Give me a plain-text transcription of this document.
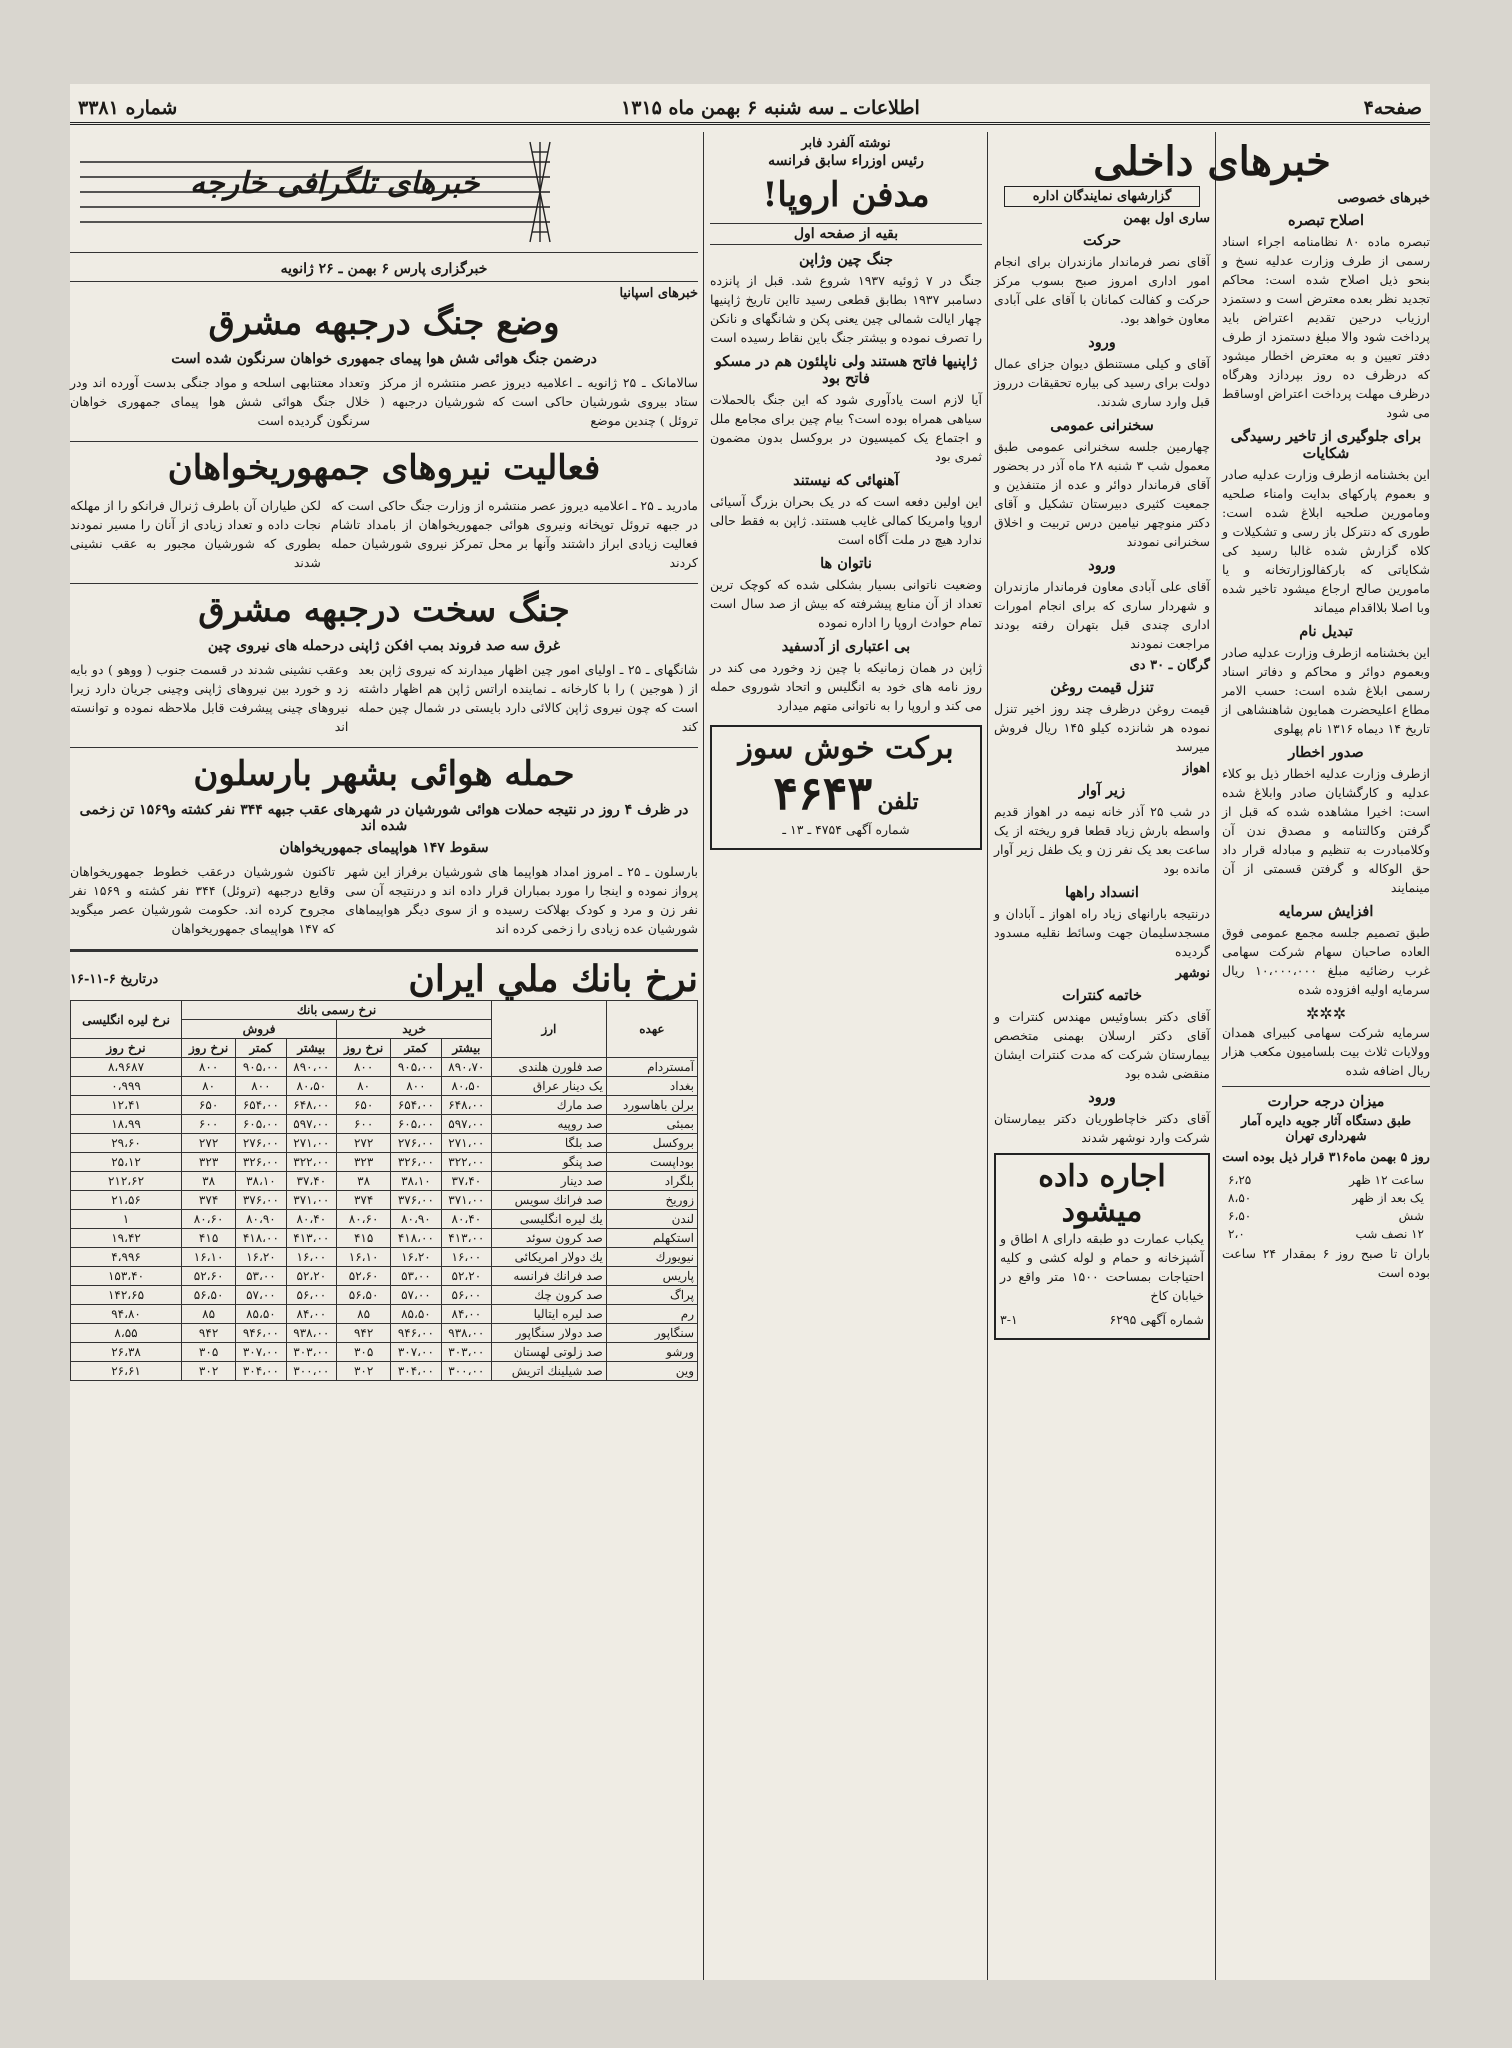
صفحه۴
اطلاعات ـ سه شنبه ۶ بهمن ماه ۱۳۱۵
شماره ۳۳۸۱
خبرهای داخلی
خبرهای خصوصی
اصلاح تبصره

تبصره ماده ۸۰ نظامنامه اجراء اسناد رسمی از طرف وزارت عدلیه نسخ و بنحو ذیل اصلاح شده است: محاکم تجدید نظر بعده معترض است و دستمزد ارزیاب درحین تقدیم اعتراض باید پرداخت شود والا مبلغ دستمزد از طرف دفتر تعیین و به معترض اخطار میشود که درظرف ده روز بپردازد وهرگاه درظرف مهلت پرداخت اعتراض اوساقط می شود

برای جلوگیری از تاخیر رسیدگی شکایات

این بخشنامه ازطرف وزارت عدلیه صادر و بعموم پارکهای بدایت وامناء صلحیه ومامورین صلحیه ابلاغ شده است: طوری که دنترکل باز رسی و تشکیلات و کلاه گزارش شده غالبا رسید کی شکایاتی که بارکفالوزارتخانه و یا مامورین صالح ارجاع میشود تاخیر شده وبا اصلا بلااقدام میماند

تبدیل نام

این بخشنامه ازطرف وزارت عدلیه صادر وبعموم دوائر و محاکم و دفاتر اسناد رسمی ابلاغ شده است: حسب الامر مطاع اعلیحضرت همایون شاهنشاهی از تاریخ ۱۴ دیماه ۱۳۱۶ نام پهلوی

صدور اخطار

ازطرف وزارت عدلیه اخطار ذیل بو کلاء عدلیه و کارگشایان صادر وابلاغ شده است: اخیرا مشاهده شده که قبل از گرفتن وکالتنامه و مصدق ندن آن وکلامبادرت به تنظیم و مبادله قرار داد حق الوکاله و گرفتن قسمتی از آن مینمایند

افزایش سرمایه

طبق تصمیم جلسه مجمع عمومی فوق العاده صاحبان سهام شرکت سهامی غرب رضائیه مبلغ ۱۰،۰۰۰،۰۰۰ ریال سرمایه اولیه افزوده شده

✲✲✲

سرمایه شرکت سهامی کبیرای همدان وولایات ثلاث بیت بلسامیون مکعب هزار ریال اضافه شده

میزان درجه حرارت
طبق دستگاه آثار جویه دایره آمار شهرداری تهران
روز ۵ بهمن ماه۳۱۶ قرار ذیل بوده است
ساعت ۱۲ ظهر	۶،۲۵
یک بعد از ظهر	۸،۵۰
شش	۶،۵۰
۱۲ نصف شب	۲،۰

باران تا صبح روز ۶ بمقدار ۲۴ ساعت بوده است

گزارشهای نمایندگان اداره
ساری اول بهمن
حرکت

آقای نصر فرماندار مازندران برای انجام امور اداری امروز صبح بسوب مرکز حرکت و کفالت کمانان با آقای علی آبادی معاون خواهد بود.

ورود

آقای و کیلی مستنطق دیوان جزای عمال دولت برای رسید کی بیاره تحقیقات درروز قبل وارد ساری شدند.

سخنرانی عمومی

چهارمین جلسه سخنرانی عمومی طبق معمول شب ۳ شنبه ۲۸ ماه آذر در بحضور آقای فرماندار دوائر و عده از متنفذین و جمعیت کثیری دبیرستان تشکیل و آقای دکتر منوچهر نیامین درس تربیت و اخلاق سخنرانی نمودند

ورود

آقای علی آبادی معاون فرماندار مازندران و شهردار ساری که برای انجام امورات اداری چندی قبل بتهران رفته بودند مراجعت نمودند

گرگان ـ ۳۰ دی
تنزل قیمت روغن

قیمت روغن درظرف چند روز اخیر تنزل نموده هر شانزده کیلو ۱۴۵ ریال فروش میرسد

اهواز
زیر آوار

در شب ۲۵ آذر خانه نیمه در اهواز قدیم واسطه بارش زیاد قطعا فرو ریخته از یک ساعت بعد یک نفر زن و یک طفل زیر آوار مانده بود

انسداد راهها

درنتیجه بارانهای زیاد راه اهواز ـ آبادان و مسجدسلیمان جهت وسائط نقلیه مسدود گردیده

نوشهر
خاتمه کنترات

آقای دکتر بساوئیس مهندس کنترات و آقای دکتر ارسلان بهمنی متخصص بیمارستان شرکت که مدت کنترات ایشان منقضی شده بود

ورود

آقای دکتر خاچاطوریان دکتر بیمارستان شرکت وارد نوشهر شدند

اجاره داده میشود

یکباب عمارت دو طبقه دارای ۸ اطاق و آشپزخانه و حمام و لوله کشی و کلیه احتیاجات بمساحت ۱۵۰۰ متر واقع در خیابان کاخ

شماره آگهی ۶۲۹۵
۳-۱
نوشته آلفرد فابر
رئیس اوزراء سابق فرانسه
مدفن اروپا!
بقیه از صفحه اول
جنگ چین وژاپن

جنگ در ۷ ژوئیه ۱۹۳۷ شروع شد. قبل از پانزده دسامبر ۱۹۳۷ بطابق قطعی رسید تااین تاریخ ژاپنیها چهار ایالت شمالی چین یعنی پکن و شانگهای و نانکن را تصرف نموده و بیشتر جنگ باین نقاط رسیده است

ژاپنیها فاتح هستند ولی ناپلئون هم در مسکو فاتح بود

آیا لازم است یادآوری شود که این جنگ بالحملات سیاهی همراه بوده است؟ بیام چین برای مجامع ملل و اجتماع یک کمیسیون در بروکسل بدون مضمون ثمری بود

آهنهائی که نیستند

این اولین دفعه است که در یک بحران بزرگ آسیائی اروپا وامریکا کمالی غایب هستند. ژاپن به فقط حالی ندارد هیچ در ملت آگاه است

ناتوان ها

وضعیت ناتوانی بسیار بشکلی شده که کوچک ترین تعداد از آن منابع پیشرفته که بیش از صد سال است تمام حوادث اروپا را اداره نموده

بی اعتباری از آدسفید

ژاپن در همان زمانیکه با چین زد وخورد می کند در روز نامه های خود به انگلیس و اتحاد شوروی حمله می کند و اروپا را به ناتوانی متهم میدارد

برکت خوش سوز
تلفن ۴۶۴۳
شماره آگهی ۴۷۵۴ ـ ۱۳ ـ
خبرهای تلگرافی خارجه
خبرگزاری پارس ۶ بهمن ـ ۲۶ ژانویه
خبرهای اسپانیا
وضع جنگ درجبهه مشرق
درضمن جنگ هوائی شش هوا پیمای جمهوری خواهان سرنگون شده است

سالامانک ـ ۲۵ ژانویه ـ اعلامیه دیروز عصر منتشره از مرکز ستاد بیروی شورشیان حاکی است که شورشیان درجبهه ( تروئل ) چندین موضع

وتعداد معتنابهی اسلحه و مواد جنگی بدست آورده اند ودر خلال جنگ هوائی شش هوا پیمای جمهوری خواهان سرنگون گردیده است

فعالیت نیروهای جمهوریخواهان

مادرید ـ ۲۵ ـ اعلامیه دیروز عصر منتشره از وزارت جنگ حاکی است که در جبهه تروئل توپخانه ونیروی هوائی جمهوریخواهان از بامداد تاشام فعالیت زیادی ابراز داشتند وآنها بر محل تمرکز نیروی شورشیان حمله کردند

لکن طیاران آن باطرف ژنرال فرانکو را از مهلکه نجات داده و تعداد زیادی از آنان را مسیر نمودند بطوری که شورشیان مجبور به عقب نشینی شدند

جنگ سخت درجبهه مشرق
غرق سه صد فروند بمب افکن ژاپنی درحمله های نیروی چین

شانگهای ـ ۲۵ ـ اولیای امور چین اظهار میدارند که نیروی ژاپن بعد از ( هوجین ) را با کارخانه ـ نماینده اراتس ژاپن هم اظهار داشته است که چون نیروی ژاپن کالائی دارد بایستی در شمال چین حمله کند

وعقب نشینی شدند در قسمت جنوب ( ووهو ) دو بایه زد و خورد بین نیروهای ژاپنی وچینی جریان دارد زیرا نیروهای چینی پیشرفت قابل ملاحظه نموده و توانسته اند

حمله هوائی بشهر بارسلون
در ظرف ۴ روز در نتیجه حملات هوائی شورشیان در شهرهای عقب جبهه ۳۴۴ نفر کشته و۱۵۶۹ تن زخمی شده اند
سقوط ۱۴۷ هواپیمای جمهوریخواهان

بارسلون ـ ۲۵ ـ امروز امداد هواپیما های شورشیان برفراز این شهر پرواز نموده و اینجا را مورد بمباران قرار داده اند و درنتیجه آن سی نفر زن و مرد و کودک بهلاکت رسیده و از سوی دیگر هواپیماهای شورشیان عده زیادی را زخمی کرده اند

تاکنون شورشیان درعقب خطوط جمهوریخواهان وقایع درجبهه (تروئل) ۳۴۴ نفر کشته و ۱۵۶۹ نفر مجروح کرده اند. حکومت شورشیان عصر میگوید که ۱۴۷ هواپیمای جمهوریخواهان

نرخ بانك ملي ايران
درتاریخ ۶-۱۱-۱۶
عهده	ارز	نرخ رسمی بانك						نرخ لیره انگلیسی
		خرید			فروش			
		بیشتر	کمتر	نرخ روز	بیشتر	کمتر	نرخ روز	نرخ روز
آمستردام	صد فلورن هلندی	۸۹۰،۷۰	۹۰۵،۰۰	۸۰۰	۸۹۰،۰۰	۹۰۵،۰۰	۸۰۰	۸،۹۶۸۷
بغداد	یک دینار عراق	۸۰،۵۰	۸۰۰	۸۰	۸۰،۵۰	۸۰۰	۸۰	۰،۹۹۹
برلن باهاسورد	صد مارك	۶۴۸،۰۰	۶۵۴،۰۰	۶۵۰	۶۴۸،۰۰	۶۵۴،۰۰	۶۵۰	۱۲،۴۱
بمبئی	صد روپیه	۵۹۷،۰۰	۶۰۵،۰۰	۶۰۰	۵۹۷،۰۰	۶۰۵،۰۰	۶۰۰	۱۸،۹۹
بروکسل	صد بلگا	۲۷۱،۰۰	۲۷۶،۰۰	۲۷۲	۲۷۱،۰۰	۲۷۶،۰۰	۲۷۲	۲۹،۶۰
بوداپست	صد پنگو	۳۲۲،۰۰	۳۲۶،۰۰	۳۲۳	۳۲۲،۰۰	۳۲۶،۰۰	۳۲۳	۲۵،۱۲
بلگراد	صد دینار	۳۷،۴۰	۳۸،۱۰	۳۸	۳۷،۴۰	۳۸،۱۰	۳۸	۲۱۲،۶۲
زوریخ	صد فرانك سویس	۳۷۱،۰۰	۳۷۶،۰۰	۳۷۴	۳۷۱،۰۰	۳۷۶،۰۰	۳۷۴	۲۱،۵۶
لندن	یك لیره انگلیسی	۸۰،۴۰	۸۰،۹۰	۸۰،۶۰	۸۰،۴۰	۸۰،۹۰	۸۰،۶۰	۱
استکهلم	صد کرون سوئد	۴۱۳،۰۰	۴۱۸،۰۰	۴۱۵	۴۱۳،۰۰	۴۱۸،۰۰	۴۱۵	۱۹،۴۲
نیویورك	یك دولار امریکائی	۱۶،۰۰	۱۶،۲۰	۱۶،۱۰	۱۶،۰۰	۱۶،۲۰	۱۶،۱۰	۴،۹۹۶
پاریس	صد فرانك فرانسه	۵۲،۲۰	۵۳،۰۰	۵۲،۶۰	۵۲،۲۰	۵۳،۰۰	۵۲،۶۰	۱۵۳،۴۰
پراگ	صد کرون چك	۵۶،۰۰	۵۷،۰۰	۵۶،۵۰	۵۶،۰۰	۵۷،۰۰	۵۶،۵۰	۱۴۲،۶۵
رم	صد لیره ایتالیا	۸۴،۰۰	۸۵،۵۰	۸۵	۸۴،۰۰	۸۵،۵۰	۸۵	۹۴،۸۰
سنگاپور	صد دولار سنگاپور	۹۳۸،۰۰	۹۴۶،۰۰	۹۴۲	۹۳۸،۰۰	۹۴۶،۰۰	۹۴۲	۸،۵۵
ورشو	صد زلوتی لهستان	۳۰۳،۰۰	۳۰۷،۰۰	۳۰۵	۳۰۳،۰۰	۳۰۷،۰۰	۳۰۵	۲۶،۳۸
وین	صد شیلینك اتریش	۳۰۰،۰۰	۳۰۴،۰۰	۳۰۲	۳۰۰،۰۰	۳۰۴،۰۰	۳۰۲	۲۶،۶۱
